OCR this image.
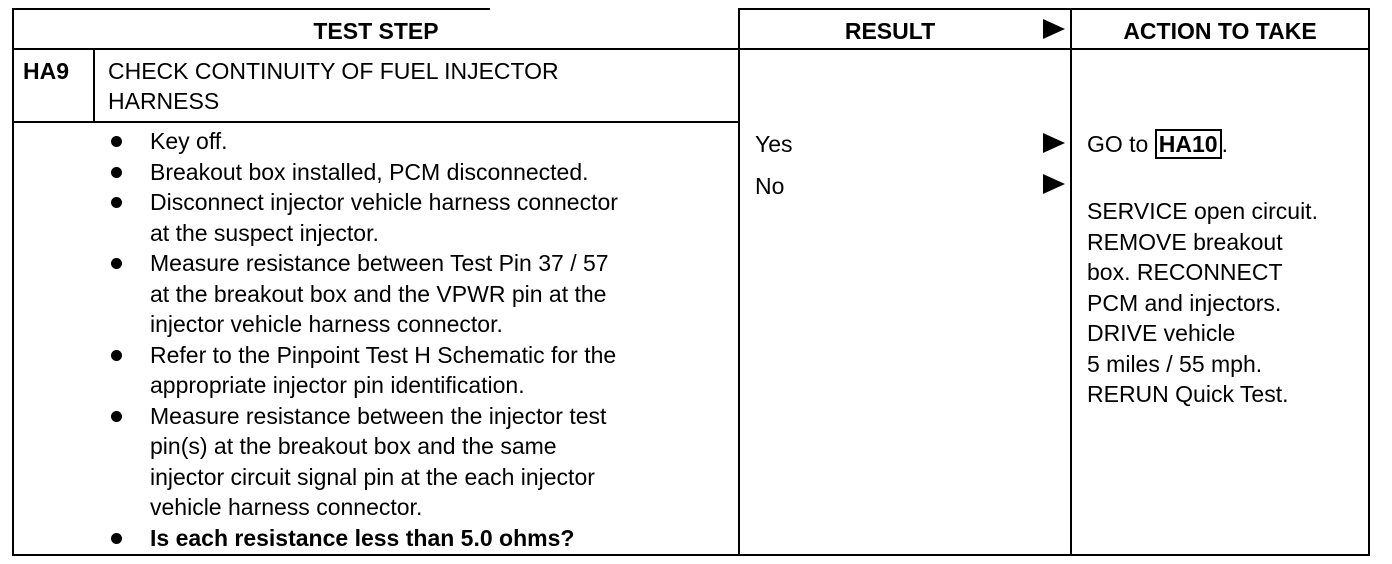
TEST STEP	RESULT	ACTION TO TAKE
HA9 CHECK CONTINUITY OF FUEL INJECTOR
HARNESS
Key off.
Breakout box installed, PCM disconnected.
Disconnect injector vehicle harness connector
at the suspect injector.
Measure resistance between Test Pin 37 / 57
at the breakout box and the VPWR pin at the
injector vehicle harness connector.
Refer to the Pinpoint Test H Schematic for the
appropriate injector pin identification.
Measure resistance between the injector test
pin(s) at the breakout box and the same
injector circuit signal pin at the each injector
vehicle harness connector.
Is each resistance less than 5.0 ohms?
Yes
No
GO to HA10 .
SERVICE open circuit.
REMOVE breakout
box. RECONNECT
PCM and injectors.
DRIVE vehicle
5 miles / 55 mph.
RERUN Quick Test.
